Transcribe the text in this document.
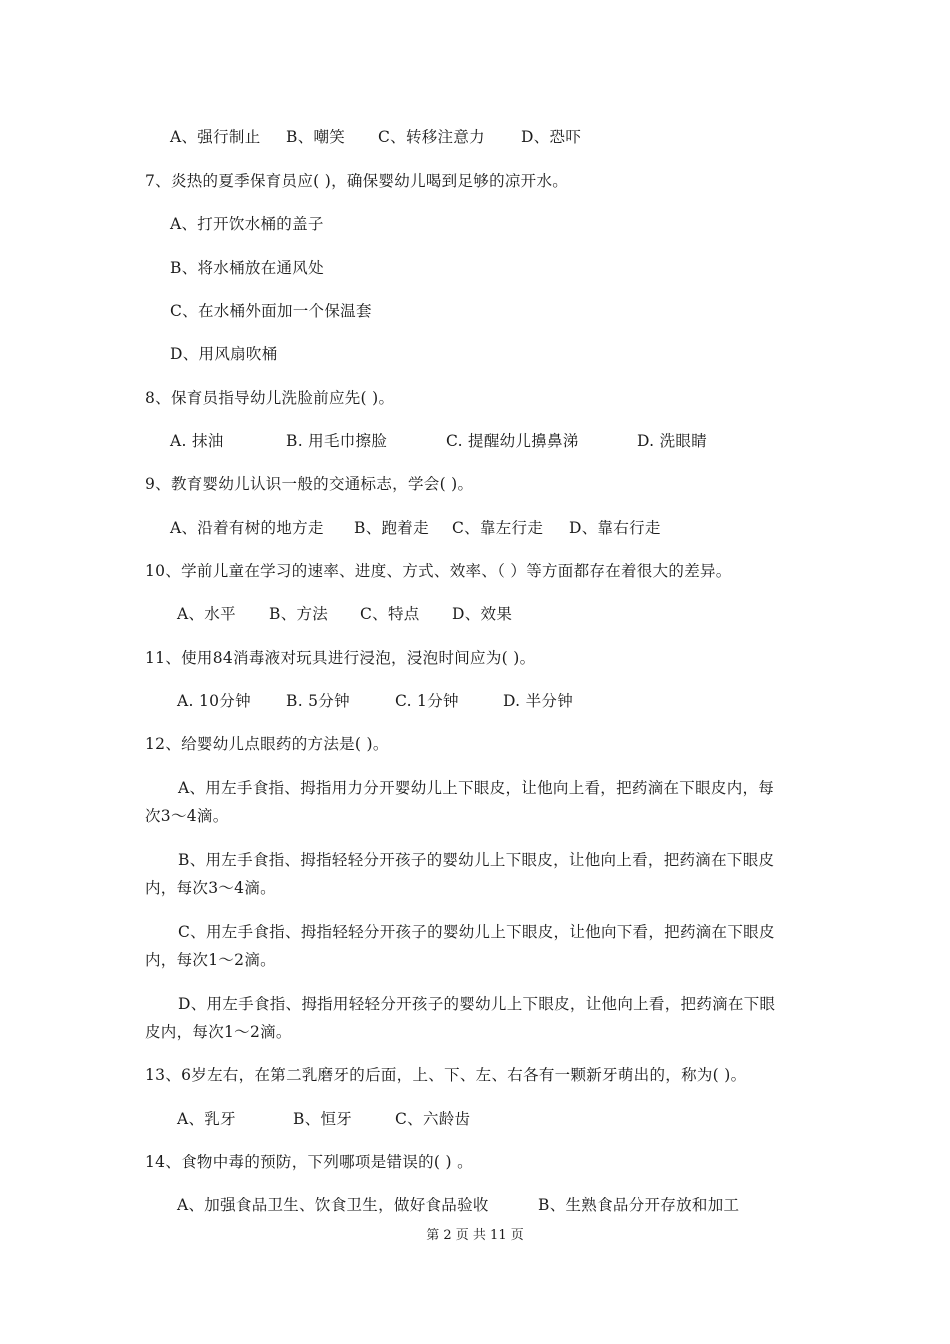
A、强行制止 B、嘲笑 C、转移注意力 D、恐吓
7、炎热的夏季保育员应( )，确保婴幼儿喝到足够的凉开水。
A、打开饮水桶的盖子
B、将水桶放在通风处
C、在水桶外面加一个保温套
D、用风扇吹桶
8、保育员指导幼儿洗脸前应先( )。
A. 抹油	B. 用毛巾擦脸	C. 提醒幼儿擤鼻涕	D. 洗眼睛
9、教育婴幼儿认识一般的交通标志，学会( )。
A、沿着有树的地方走 B、跑着走 C、靠左行走 D、靠右行走
10、学前儿童在学习的速率、进度、方式、效率、（ ）等方面都存在着很大的差异。
A、水平 B、方法 C、特点 D、效果
11、使用84消毒液对玩具进行浸泡，浸泡时间应为( )。
A. 10分钟 B. 5分钟	C. 1分钟	D. 半分钟
12、给婴幼儿点眼药的方法是( )。
A、用左手食指、拇指用力分开婴幼儿上下眼皮，让他向上看，把药滴在下眼皮内，每
次3～4滴。
B、用左手食指、拇指轻轻分开孩子的婴幼儿上下眼皮，让他向上看，把药滴在下眼皮
内，每次3～4滴。
C、用左手食指、拇指轻轻分开孩子的婴幼儿上下眼皮，让他向下看，把药滴在下眼皮
内，每次1～2滴。
D、用左手食指、拇指用轻轻分开孩子的婴幼儿上下眼皮，让他向上看，把药滴在下眼
皮内，每次1～2滴。
13、6岁左右，在第二乳磨牙的后面，上、下、左、右各有一颗新牙萌出的，称为( )。
A、乳牙	B、恒牙	C、六龄齿
14、食物中毒的预防，下列哪项是错误的( ) 。
A、加强食品卫生、饮食卫生，做好食品验收	B、生熟食品分开存放和加工
第 2 页 共 11 页
